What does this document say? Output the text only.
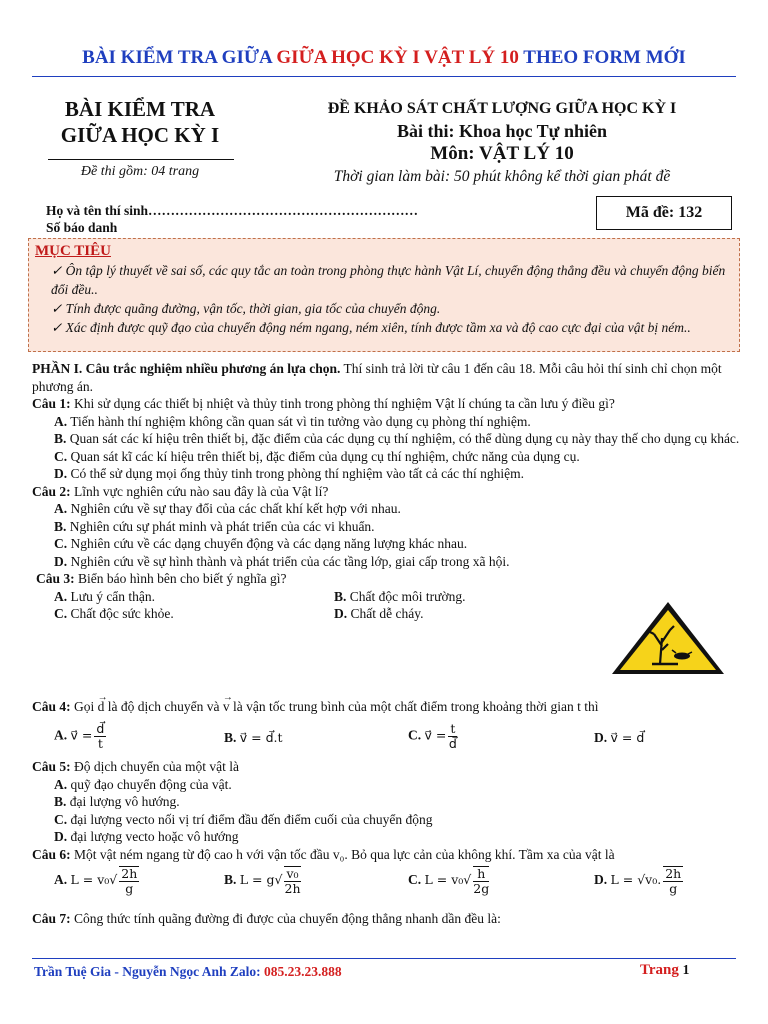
BÀI KIỂM TRA GIỮA GIỮA HỌC KỲ I VẬT LÝ 10 THEO FORM MỚI
BÀI KIỂM TRA
GIỮA HỌC KỲ I
Đề thi gồm: 04 trang
ĐỀ KHẢO SÁT CHẤT LƯỢNG GIỮA HỌC KỲ I
Bài thi: Khoa học Tự nhiên
Môn: VẬT LÝ 10
Thời gian làm bài: 50 phút không kể thời gian phát đề
Họ và tên thí sinh……………………………………………………
Số báo danh
Mã đề: 132
MỤC TIÊU
✓ Ôn tập lý thuyết về sai số, các quy tắc an toàn trong phòng thực hành Vật Lí, chuyển động thẳng đều và chuyển động biến đổi đều..
✓ Tính được quãng đường, vận tốc, thời gian, gia tốc của chuyển động.
✓ Xác định được quỹ đạo của chuyển động ném ngang, ném xiên, tính được tầm xa và độ cao cực đại của vật bị ném..
PHẦN I. Câu trắc nghiệm nhiều phương án lựa chọn. Thí sinh trả lời từ câu 1 đến câu 18. Mỗi câu hỏi thí sinh chỉ chọn một phương án.
Câu 1: Khi sử dụng các thiết bị nhiệt và thủy tinh trong phòng thí nghiệm Vật lí chúng ta cần lưu ý điều gì?
A. Tiến hành thí nghiệm không cần quan sát vì tin tưởng vào dụng cụ phòng thí nghiệm.
B. Quan sát các kí hiệu trên thiết bị, đặc điểm của các dụng cụ thí nghiệm, có thể dùng dụng cụ này thay thế cho dụng cụ khác.
C. Quan sát kĩ các kí hiệu trên thiết bị, đặc điểm của dụng cụ thí nghiệm, chức năng của dụng cụ.
D. Có thể sử dụng mọi ống thủy tinh trong phòng thí nghiệm vào tất cả các thí nghiệm.
Câu 2: Lĩnh vực nghiên cứu nào sau đây là của Vật lí?
A. Nghiên cứu về sự thay đổi của các chất khí kết hợp với nhau.
B. Nghiên cứu sự phát minh và phát triển của các vi khuẩn.
C. Nghiên cứu về các dạng chuyển động và các dạng năng lượng khác nhau.
D. Nghiên cứu về sự hình thành và phát triển của các tầng lớp, giai cấp trong xã hội.
Câu 3: Biển báo hình bên cho biết ý nghĩa gì?
A. Lưu ý cẩn thận.	B. Chất độc môi trường.
C. Chất độc sức khỏe.	D. Chất dễ cháy.
Câu 4: Gọi
→
d là độ dịch chuyển và
→
v là vận tốc trung bình của một chất điểm trong khoảng thời gian t thì
A. v⃗ = $\frac{d⃗}{t}$	B. v⃗ = d⃗.t	C. v⃗ = $\frac{t}{d⃗}$	D. v⃗ = d⃗
Câu 5: Độ dịch chuyển của một vật là
A. quỹ đạo chuyển động của vật.
B. đại lượng vô hướng.
C. đại lượng vecto nối vị trí điểm đầu đến điểm cuối của chuyển động
D. đại lượng vecto hoặc vô hướng
Câu 6: Một vật ném ngang từ độ cao h với vận tốc đầu v₀. Bỏ qua lực cản của không khí. Tầm xa của vật là
A. $L = v_0√ \frac{2h}{g}$	B. $L = g√ \frac{\text{v₀}}{2h}$	C. $L = v_0√ \frac{h}{2g}$	D. L = √v₀. $\frac{2h}{g}$
Câu 7: Công thức tính quãng đường đi được của chuyển động thẳng nhanh dần đều là:
Trần Tuệ Gia - Nguyễn Ngọc Anh Zalo: 085.23.23.888	Trang 1
